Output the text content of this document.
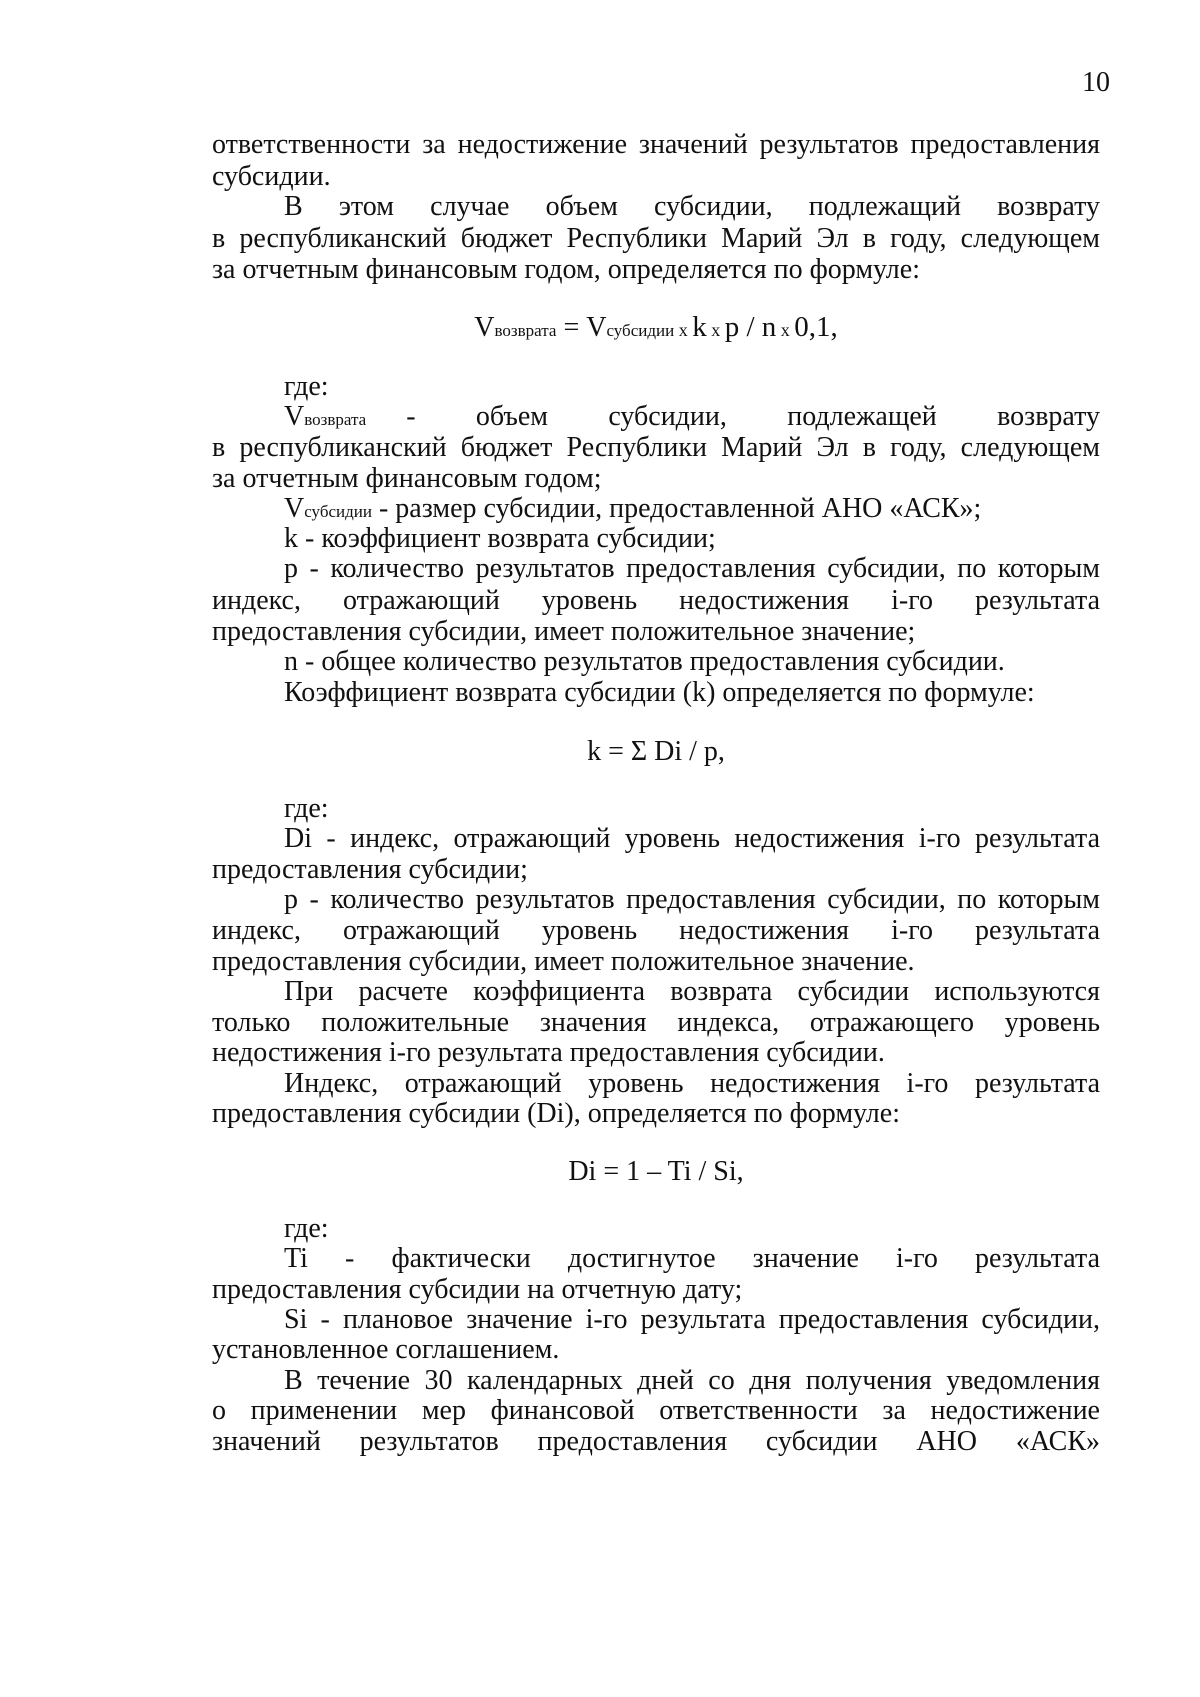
10
ответственности за недостижение значений результатов предоставления
субсидии.
В этом случае объем субсидии, подлежащий возврату
в республиканский бюджет Республики Марий Эл в году, следующем
за отчетным финансовым годом, определяется по формуле:
Vвозврата = Vсубсидии x k x p / n x 0,1,
где:
Vвозврата - объем субсидии, подлежащей возврату
в республиканский бюджет Республики Марий Эл в году, следующем
за отчетным финансовым годом;
Vсубсидии - размер субсидии, предоставленной АНО «АСК»;
k - коэффициент возврата субсидии;
p - количество результатов предоставления субсидии, по которым
индекс, отражающий уровень недостижения i-го результата
предоставления субсидии, имеет положительное значение;
n - общее количество результатов предоставления субсидии.
Коэффициент возврата субсидии (k) определяется по формуле:
k = Σ Di / p,
где:
Di - индекс, отражающий уровень недостижения i-го результата
предоставления субсидии;
p - количество результатов предоставления субсидии, по которым
индекс, отражающий уровень недостижения i-го результата
предоставления субсидии, имеет положительное значение.
При расчете коэффициента возврата субсидии используются
только положительные значения индекса, отражающего уровень
недостижения i-го результата предоставления субсидии.
Индекс, отражающий уровень недостижения i-го результата
предоставления субсидии (Di), определяется по формуле:
Di = 1 – Ti / Si,
где:
Ti - фактически достигнутое значение i-го результата
предоставления субсидии на отчетную дату;
Si - плановое значение i-го результата предоставления субсидии,
установленное соглашением.
В течение 30 календарных дней со дня получения уведомления
о применении мер финансовой ответственности за недостижение
значений результатов предоставления субсидии АНО «АСК»
